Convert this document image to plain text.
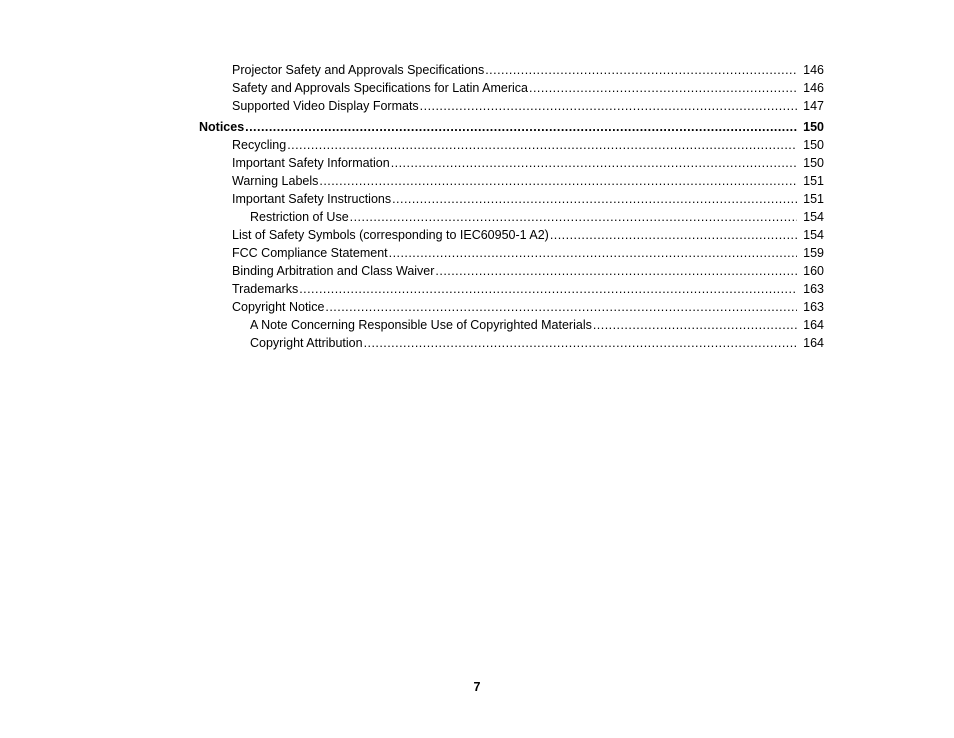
Projector Safety and Approvals Specifications . . .	146
Safety and Approvals Specifications for Latin America . . .	146
Supported Video Display Formats . . .	147
Notices . . .	150
Recycling . . .	150
Important Safety Information . . .	150
Warning Labels . . .	151
Important Safety Instructions . . .	151
Restriction of Use . . .	154
List of Safety Symbols (corresponding to IEC60950-1 A2) . . .	154
FCC Compliance Statement . . .	159
Binding Arbitration and Class Waiver . . .	160
Trademarks . . .	163
Copyright Notice . . .	163
A Note Concerning Responsible Use of Copyrighted Materials . . .	164
Copyright Attribution . . .	164
7
